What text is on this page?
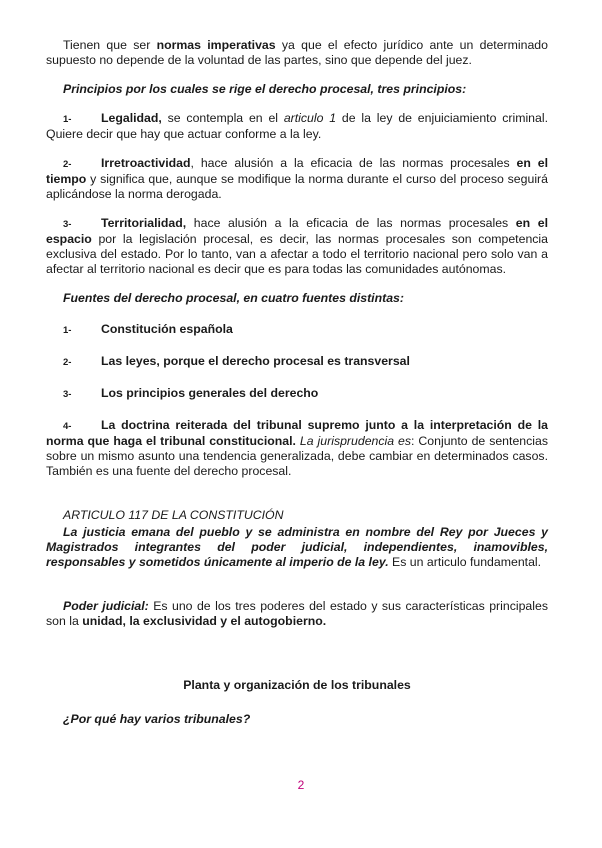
Tienen que ser normas imperativas ya que el efecto jurídico ante un determinado supuesto no depende de la voluntad de las partes, sino que depende del juez.

Principios por los cuales se rige el derecho procesal, tres principios:

1- Legalidad, se contempla en el articulo 1 de la ley de enjuiciamiento criminal. Quiere decir que hay que actuar conforme a la ley.

2- Irretroactividad, hace alusión a la eficacia de las normas procesales en el tiempo y significa que, aunque se modifique la norma durante el curso del proceso seguirá aplicándose la norma derogada.

3- Territorialidad, hace alusión a la eficacia de las normas procesales en el espacio por la legislación procesal, es decir, las normas procesales son competencia exclusiva del estado. Por lo tanto, van a afectar a todo el territorio nacional pero solo van a afectar al territorio nacional es decir que es para todas las comunidades autónomas.

Fuentes del derecho procesal, en cuatro fuentes distintas:

1- Constitución española

2- Las leyes, porque el derecho procesal es transversal

3- Los principios generales del derecho

4- La doctrina reiterada del tribunal supremo junto a la interpretación de la norma que haga el tribunal constitucional. La jurisprudencia es: Conjunto de sentencias sobre un mismo asunto una tendencia generalizada, debe cambiar en determinados casos. También es una fuente del derecho procesal.

ARTICULO 117 DE LA CONSTITUCIÓN

La justicia emana del pueblo y se administra en nombre del Rey por Jueces y Magistrados integrantes del poder judicial, independientes, inamovibles, responsables y sometidos únicamente al imperio de la ley. Es un articulo fundamental.

Poder judicial: Es uno de los tres poderes del estado y sus características principales son la unidad, la exclusividad y el autogobierno.

Planta y organización de los tribunales

¿Por qué hay varios tribunales?

2
